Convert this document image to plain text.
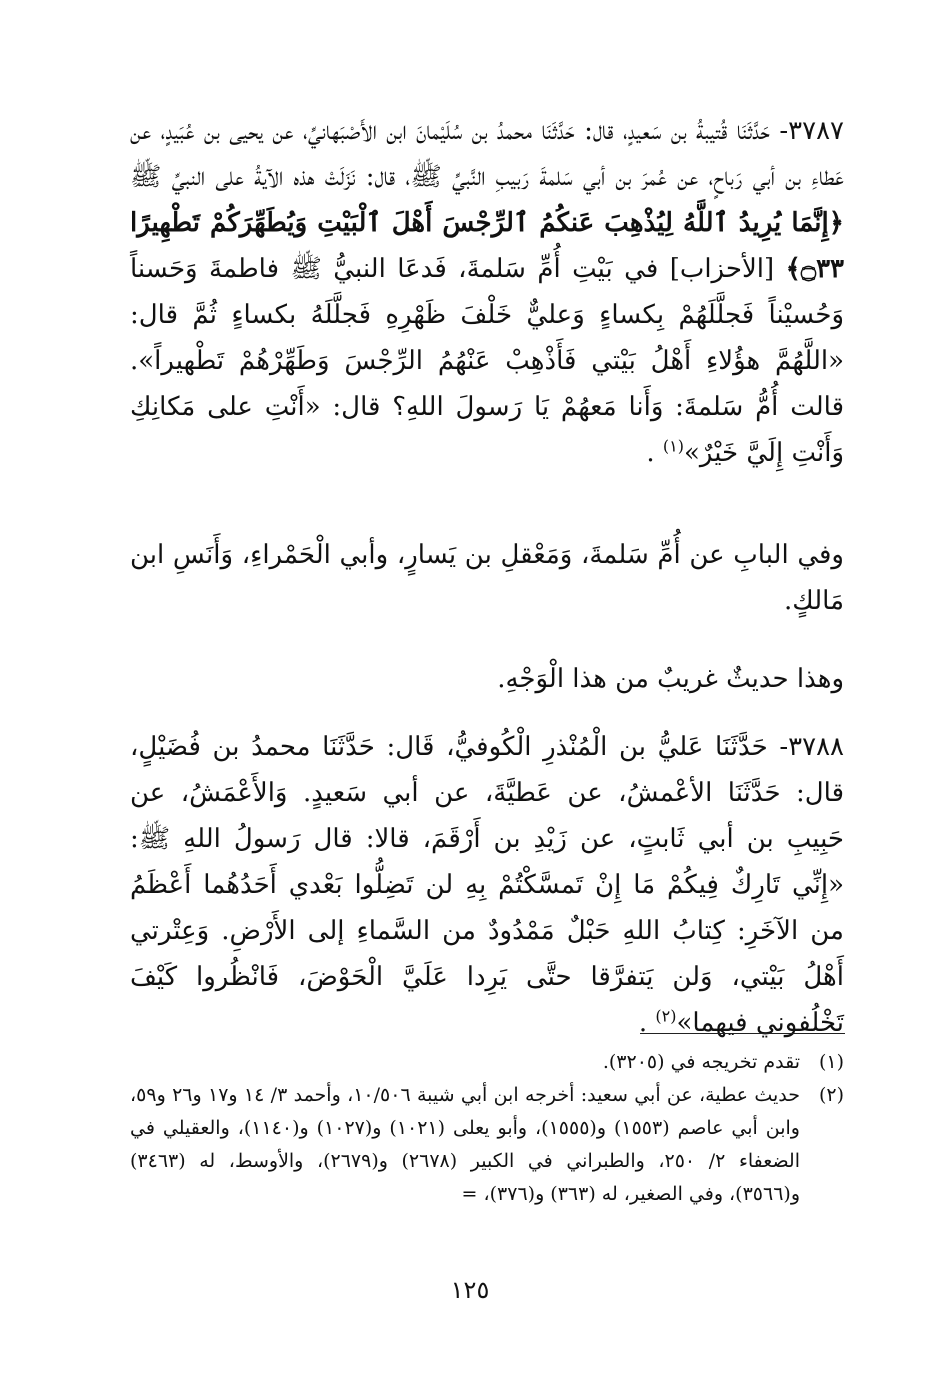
٣٧٨٧- حَدَّثَنَا قُتيبةُ بن سَعيدٍ، قال: حَدَّثَنَا محمدُ بن سُلَيْمانَ ابن الأَصْبَهانيِّ، عن يحيى بن عُبَيدٍ، عن عَطاءِ بن أبي رَباحٍ، عن عُمرَ بن أبي سَلمةَ رَبيبِ النَّبيِّ ﷺ، قال: نَزَلَتْ هذه الآيةُ على النبيِّ ﷺ ﴿إِنَّمَا يُرِيدُ ٱللَّهُ لِيُذْهِبَ عَنكُمُ ٱلرِّجْسَ أَهْلَ ٱلْبَيْتِ وَيُطَهِّرَكُمْ تَطْهِيرًا ۝٣٣﴾ [الأحزاب] في بَيْتِ أُمِّ سَلمةَ، فَدعَا النبيُّ ﷺ فاطمةَ وَحَسناً وَحُسيْناً فَجلَّلَهُمْ بِكساءٍ وَعليٌّ خَلْفَ ظَهْرِهِ فَجلَّلَهُ بكساءٍ ثُمَّ قال: «اللَّهُمَّ هؤُلاءِ أَهْلُ بَيْتي فَأَذْهِبْ عَنْهُمُ الرِّجْسَ وَطَهِّرْهُمْ تَطْهيراً». قالت أُمُّ سَلمةَ: وَأَنا مَعهُمْ يَا رَسولَ اللهِ؟ قال: «أَنْتِ على مَكانِكِ وَأَنْتِ إِلَيَّ خَيْرٌ»$^{(١)}$ .

وفي البابِ عن أُمِّ سَلمةَ، وَمَعْقلِ بن يَسارٍ، وأبي الْحَمْراءِ، وَأَنَسِ ابن مَالكٍ.

وهذا حديثٌ غريبٌ من هذا الْوَجْهِ.

٣٧٨٨- حَدَّثَنَا عَليُّ بن الْمُنْذرِ الْكُوفيُّ، قَال: حَدَّثَنَا محمدُ بن فُضَيْلٍ، قال: حَدَّثَنَا الأعْمشُ، عن عَطيَّةَ، عن أبي سَعيدٍ. وَالأَعْمَشُ، عن حَبِيبِ بن أبي ثَابتٍ، عن زَيْدِ بن أَرْقَمَ، قالا: قال رَسولُ اللهِ ﷺ: «إِنِّي تَارِكٌ فِيكُمْ مَا إِنْ تَمسَّكْتُمْ بِهِ لن تَضِلُّوا بَعْدي أَحَدُهُما أَعْظَمُ من الآخَرِ: كِتابُ اللهِ حَبْلٌ مَمْدُودٌ من السَّماءِ إلى الأَرْضِ. وَعِتْرتي أَهْلُ بَيْتي، وَلن يَتفرَّقا حتَّى يَرِدا عَلَيَّ الْحَوْضَ، فَانْظُروا كَيْفَ تَخْلُفوني فيهما»$^{(٢)}$ .

(١)
تقدم تخريجه في (٣٢٠٥).
(٢)
حديث عطية، عن أبي سعيد: أخرجه ابن أبي شيبة ١٠/٥٠٦، وأحمد ٣/ ١٤ و١٧ و٢٦ و٥٩، وابن أبي عاصم (١٥٥٣) و(١٥٥٥)، وأبو يعلى (١٠٢١) و(١٠٢٧) و(١١٤٠)، والعقيلي في الضعفاء ٢/ ٢٥٠، والطبراني في الكبير (٢٦٧٨) و(٢٦٧٩)، والأوسط، له (٣٤٦٣) و(٣٥٦٦)، وفي الصغير، له (٣٦٣) و(٣٧٦)، =
١٢٥
